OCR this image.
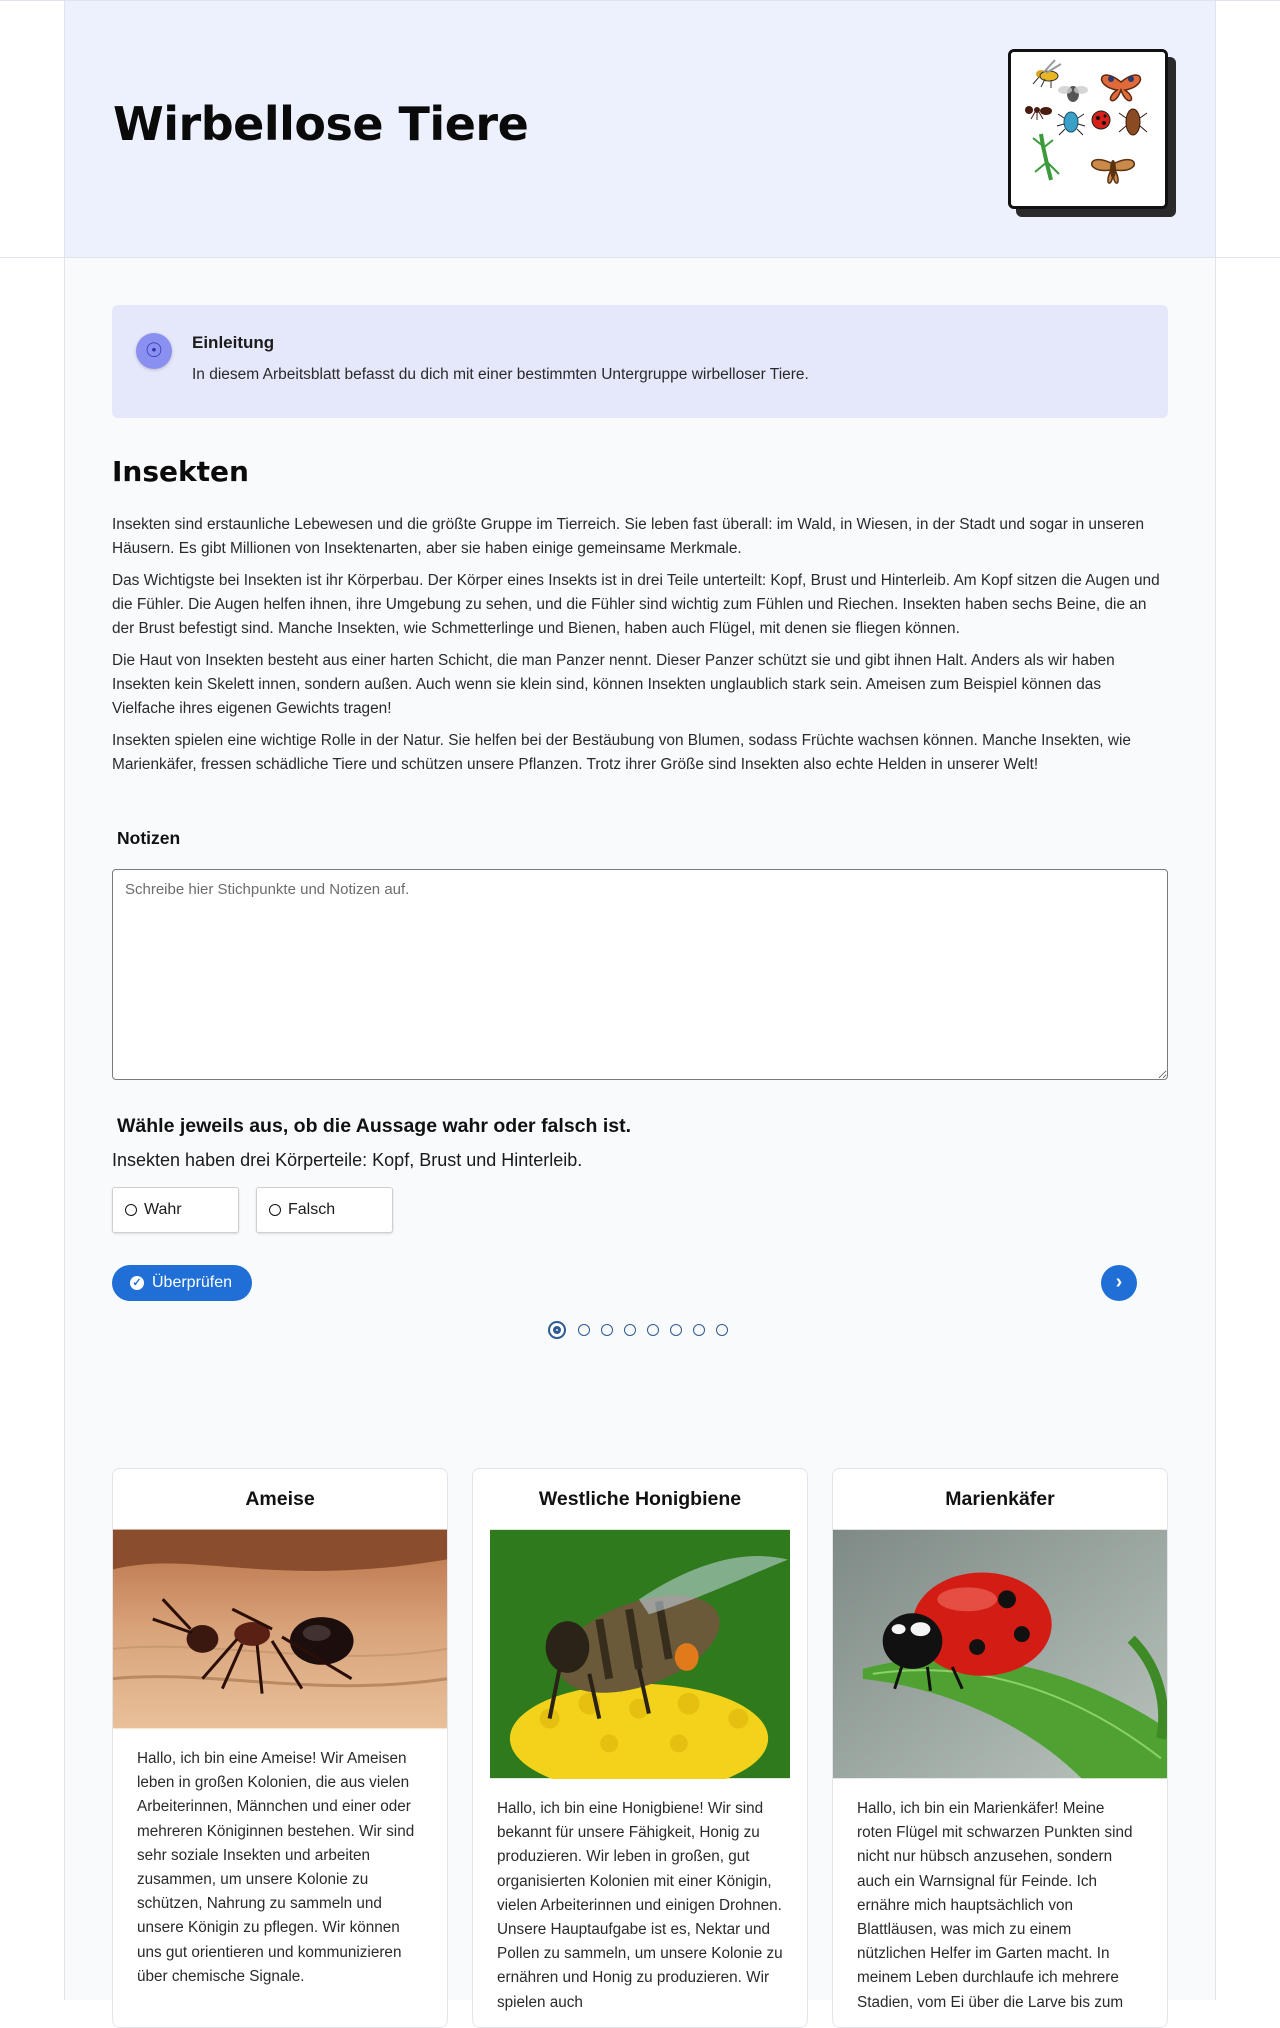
Wirbellose Tiere
☉	Einleitung
In diesem Arbeitsblatt befasst du dich mit einer bestimmten Untergruppe wirbelloser Tiere.
Insekten

Insekten sind erstaunliche Lebewesen und die größte Gruppe im Tierreich. Sie leben fast überall: im Wald, in Wiesen, in der Stadt und sogar in unseren Häusern. Es gibt Millionen von Insektenarten, aber sie haben einige gemeinsame Merkmale.

Das Wichtigste bei Insekten ist ihr Körperbau. Der Körper eines Insekts ist in drei Teile unterteilt: Kopf, Brust und Hinterleib. Am Kopf sitzen die Augen und die Fühler. Die Augen helfen ihnen, ihre Umgebung zu sehen, und die Fühler sind wichtig zum Fühlen und Riechen. Insekten haben sechs Beine, die an der Brust befestigt sind. Manche Insekten, wie Schmetterlinge und Bienen, haben auch Flügel, mit denen sie fliegen können.

Die Haut von Insekten besteht aus einer harten Schicht, die man Panzer nennt. Dieser Panzer schützt sie und gibt ihnen Halt. Anders als wir haben Insekten kein Skelett innen, sondern außen. Auch wenn sie klein sind, können Insekten unglaublich stark sein. Ameisen zum Beispiel können das Vielfache ihres eigenen Gewichts tragen!

Insekten spielen eine wichtige Rolle in der Natur. Sie helfen bei der Bestäubung von Blumen, sodass Früchte wachsen können. Manche Insekten, wie Marienkäfer, fressen schädliche Tiere und schützen unsere Pflanzen. Trotz ihrer Größe sind Insekten also echte Helden in unserer Welt!

Notizen
Schreibe hier Stichpunkte und Notizen auf.
Wähle jeweils aus, ob die Aussage wahr oder falsch ist.
Insekten haben drei Körperteile: Kopf, Brust und Hinterleib.
Wahr	Falsch
✓ Überprüfen	›
Ameise
Hallo, ich bin eine Ameise! Wir Ameisen leben in großen Kolonien, die aus vielen Arbeiterinnen, Männchen und einer oder mehreren Königinnen bestehen. Wir sind sehr soziale Insekten und arbeiten zusammen, um unsere Kolonie zu schützen, Nahrung zu sammeln und unsere Königin zu pflegen. Wir können uns gut orientieren und kommunizieren über chemische Signale.
Westliche Honigbiene
Hallo, ich bin eine Honigbiene! Wir sind bekannt für unsere Fähigkeit, Honig zu produzieren. Wir leben in großen, gut organisierten Kolonien mit einer Königin, vielen Arbeiterinnen und einigen Drohnen. Unsere Hauptaufgabe ist es, Nektar und Pollen zu sammeln, um unsere Kolonie zu ernähren und Honig zu produzieren. Wir spielen auch
Marienkäfer
Hallo, ich bin ein Marienkäfer! Meine roten Flügel mit schwarzen Punkten sind nicht nur hübsch anzusehen, sondern auch ein Warnsignal für Feinde. Ich ernähre mich hauptsächlich von Blattläusen, was mich zu einem nützlichen Helfer im Garten macht. In meinem Leben durchlaufe ich mehrere Stadien, vom Ei über die Larve bis zum
